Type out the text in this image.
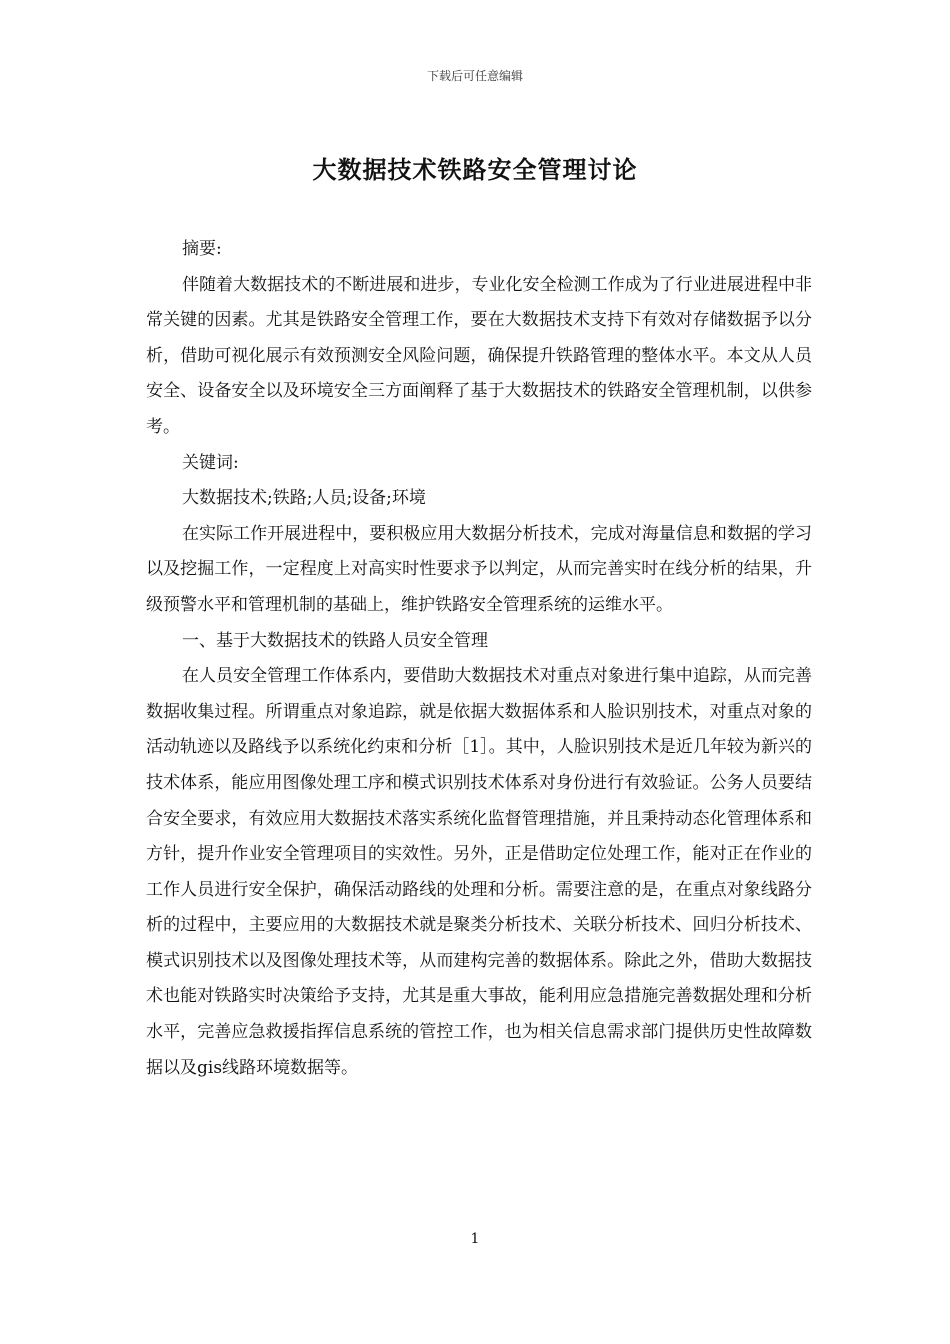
下载后可任意编辑
大数据技术铁路安全管理讨论

摘要:

伴随着大数据技术的不断进展和进步，专业化安全检测工作成为了行业进展进程中非常关键的因素。尤其是铁路安全管理工作，要在大数据技术支持下有效对存储数据予以分析，借助可视化展示有效预测安全风险问题，确保提升铁路管理的整体水平。本文从人员安全、设备安全以及环境安全三方面阐释了基于大数据技术的铁路安全管理机制，以供参考。

关键词:

大数据技术;铁路;人员;设备;环境

在实际工作开展进程中，要积极应用大数据分析技术，完成对海量信息和数据的学习以及挖掘工作，一定程度上对高实时性要求予以判定，从而完善实时在线分析的结果，升级预警水平和管理机制的基础上，维护铁路安全管理系统的运维水平。

一、基于大数据技术的铁路人员安全管理

在人员安全管理工作体系内，要借助大数据技术对重点对象进行集中追踪，从而完善数据收集过程。所谓重点对象追踪，就是依据大数据体系和人脸识别技术，对重点对象的活动轨迹以及路线予以系统化约束和分析［1］。其中，人脸识别技术是近几年较为新兴的技术体系，能应用图像处理工序和模式识别技术体系对身份进行有效验证。公务人员要结合安全要求，有效应用大数据技术落实系统化监督管理措施，并且秉持动态化管理体系和方针，提升作业安全管理项目的实效性。另外，正是借助定位处理工作，能对正在作业的工作人员进行安全保护，确保活动路线的处理和分析。需要注意的是，在重点对象线路分析的过程中，主要应用的大数据技术就是聚类分析技术、关联分析技术、回归分析技术、模式识别技术以及图像处理技术等，从而建构完善的数据体系。除此之外，借助大数据技术也能对铁路实时决策给予支持，尤其是重大事故，能利用应急措施完善数据处理和分析水平，完善应急救援指挥信息系统的管控工作，也为相关信息需求部门提供历史性故障数据以及gis线路环境数据等。

1
